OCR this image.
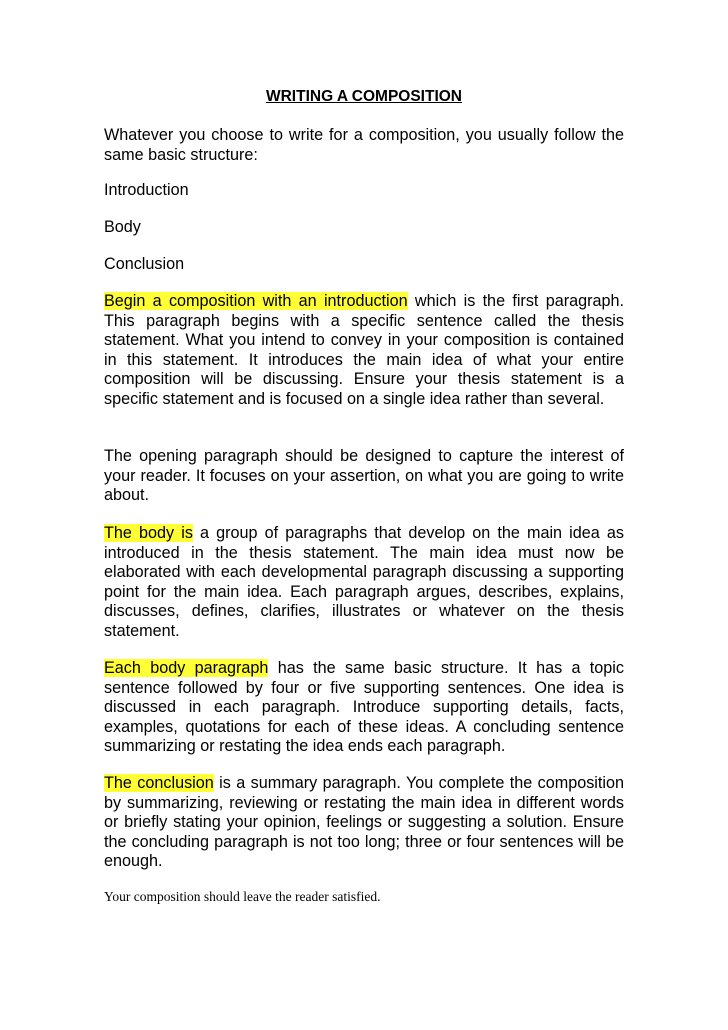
WRITING A COMPOSITION

Whatever you choose to write for a composition, you usually follow the same basic structure:

Introduction

Body

Conclusion

Begin a composition with an introduction which is the first paragraph. This paragraph begins with a specific sentence called the thesis statement. What you intend to convey in your composition is contained in this statement. It introduces the main idea of what your entire composition will be discussing. Ensure your thesis statement is a specific statement and is focused on a single idea rather than several.

The opening paragraph should be designed to capture the interest of your reader. It focuses on your assertion, on what you are going to write about.

The body is a group of paragraphs that develop on the main idea as introduced in the thesis statement. The main idea must now be elaborated with each developmental paragraph discussing a supporting point for the main idea. Each paragraph argues, describes, explains, discusses, defines, clarifies, illustrates or whatever on the thesis statement.

Each body paragraph has the same basic structure. It has a topic sentence followed by four or five supporting sentences. One idea is discussed in each paragraph. Introduce supporting details, facts, examples, quotations for each of these ideas. A concluding sentence summarizing or restating the idea ends each paragraph.

The conclusion is a summary paragraph. You complete the composition by summarizing, reviewing or restating the main idea in different words or briefly stating your opinion, feelings or suggesting a solution. Ensure the concluding paragraph is not too long; three or four sentences will be enough.

Your composition should leave the reader satisfied.
